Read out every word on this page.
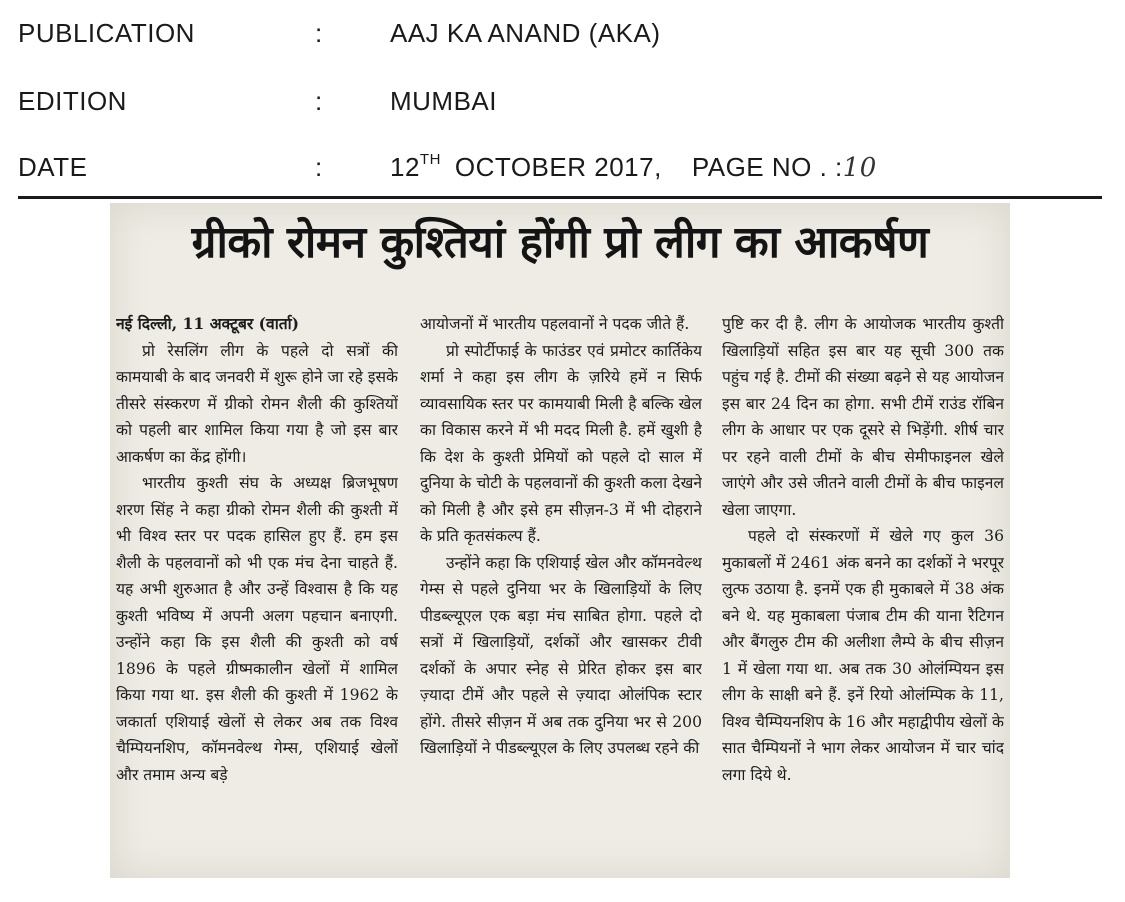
PUBLICATION	:	AAJ KA ANAND (AKA)
EDITION	:	MUMBAI
DATE	:	12TH OCTOBER 2017, PAGE NO . :10
ग्रीको रोमन कुश्तियां होंगी प्रो लीग का आकर्षण

नई दिल्ली, 11 अक्टूबर (वार्ता)

प्रो रेसलिंग लीग के पहले दो सत्रों की कामयाबी के बाद जनवरी में शुरू होने जा रहे इसके तीसरे संस्करण में ग्रीको रोमन शैली की कुश्तियों को पहली बार शामिल किया गया है जो इस बार आकर्षण का केंद्र होंगी।

भारतीय कुश्ती संघ के अध्यक्ष ब्रिजभूषण शरण सिंह ने कहा ग्रीको रोमन शैली की कुश्ती में भी विश्व स्तर पर पदक हासिल हुए हैं. हम इस शैली के पहलवानों को भी एक मंच देना चाहते हैं. यह अभी शुरुआत है और उन्हें विश्वास है कि यह कुश्ती भविष्य में अपनी अलग पहचान बनाएगी. उन्होंने कहा कि इस शैली की कुश्ती को वर्ष 1896 के पहले ग्रीष्मकालीन खेलों में शामिल किया गया था. इस शैली की कुश्ती में 1962 के जकार्ता एशियाई खेलों से लेकर अब तक विश्व चैम्पियनशिप, कॉमनवेल्थ गेम्स, एशियाई खेलों और तमाम अन्य बड़े

आयोजनों में भारतीय पहलवानों ने पदक जीते हैं.

प्रो स्पोर्टीफाई के फाउंडर एवं प्रमोटर कार्तिकेय शर्मा ने कहा इस लीग के ज़रिये हमें न सिर्फ व्यावसायिक स्तर पर कामयाबी मिली है बल्कि खेल का विकास करने में भी मदद मिली है. हमें खुशी है कि देश के कुश्ती प्रेमियों को पहले दो साल में दुनिया के चोटी के पहलवानों की कुश्ती कला देखने को मिली है और इसे हम सीज़न-3 में भी दोहराने के प्रति कृतसंकल्प हैं.

उन्होंने कहा कि एशियाई खेल और कॉमनवेल्थ गेम्स से पहले दुनिया भर के खिलाड़ियों के लिए पीडब्ल्यूएल एक बड़ा मंच साबित होगा. पहले दो सत्रों में खिलाड़ियों, दर्शकों और खासकर टीवी दर्शकों के अपार स्नेह से प्रेरित होकर इस बार ज़्यादा टीमें और पहले से ज़्यादा ओलंपिक स्टार होंगे. तीसरे सीज़न में अब तक दुनिया भर से 200 खिलाड़ियों ने पीडब्ल्यूएल के लिए उपलब्ध रहने की

पुष्टि कर दी है. लीग के आयोजक भारतीय कुश्ती खिलाड़ियों सहित इस बार यह सूची 300 तक पहुंच गई है. टीमों की संख्या बढ़ने से यह आयोजन इस बार 24 दिन का होगा. सभी टीमें राउंड रॉबिन लीग के आधार पर एक दूसरे से भिड़ेंगी. शीर्ष चार पर रहने वाली टीमों के बीच सेमीफाइनल खेले जाएंगे और उसे जीतने वाली टीमों के बीच फाइनल खेला जाएगा.

पहले दो संस्करणों में खेले गए कुल 36 मुकाबलों में 2461 अंक बनने का दर्शकों ने भरपूर लुत्फ उठाया है. इनमें एक ही मुकाबले में 38 अंक बने थे. यह मुकाबला पंजाब टीम की याना रैटिगन और बैंगलुरु टीम की अलीशा लैम्पे के बीच सीज़न 1 में खेला गया था. अब तक 30 ओलंम्पियन इस लीग के साक्षी बने हैं. इनें रियो ओलंम्पिक के 11, विश्व चैम्पियनशिप के 16 और महाद्वीपीय खेलों के सात चैम्पियनों ने भाग लेकर आयोजन में चार चांद लगा दिये थे.
